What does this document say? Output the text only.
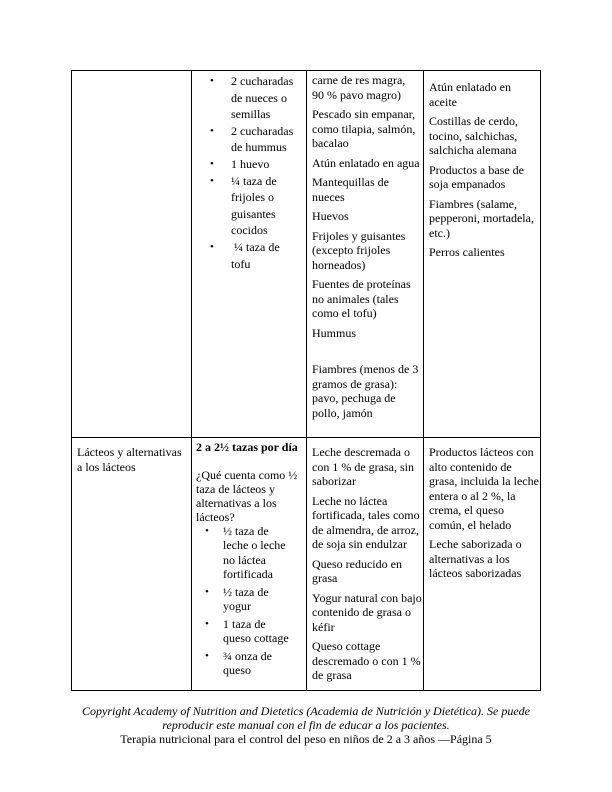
• 2 cucharadas
de nueces o
semillas
• 2 cucharadas
de hummus
• 1 huevo
• ¼ taza de
frijoles o
guisantes
cocidos
• ¼ taza de
tofu
carne de res magra, 90 % pavo magro)
Pescado sin empanar, como tilapia, salmón, bacalao
Atún enlatado en agua
Mantequillas de nueces
Huevos
Frijoles y guisantes (excepto frijoles horneados)
Fuentes de proteínas no animales (tales como el tofu)
Hummus
Fiambres (menos de 3 gramos de grasa): pavo, pechuga de pollo, jamón
Atún enlatado en aceite
Costillas de cerdo, tocino, salchichas, salchicha alemana
Productos a base de soja empanados
Fiambres (salame, pepperoni, mortadela, etc.)
Perros calientes
Lácteos y alternativas a los lácteos
2 a 2½ tazas por día
¿Qué cuenta como ½ taza de lácteos y alternativas a los lácteos?
• ½ taza de
leche o leche
no láctea
fortificada
• ½ taza de
yogur
• 1 taza de
queso cottage
• ¾ onza de
queso
Leche descremada o con 1 % de grasa, sin saborizar
Leche no láctea fortificada, tales como de almendra, de arroz, de soja sin endulzar
Queso reducido en grasa
Yogur natural con bajo contenido de grasa o kéfir
Queso cottage descremado o con 1 % de grasa
Productos lácteos con alto contenido de grasa, incluida la leche entera o al 2 %, la crema, el queso común, el helado
Leche saborizada o alternativas a los lácteos saborizadas
Copyright Academy of Nutrition and Dietetics (Academia de Nutrición y Dietética). Se puede reproducir este manual con el fin de educar a los pacientes.
Terapia nutricional para el control del peso en niños de 2 a 3 años —Página 5
